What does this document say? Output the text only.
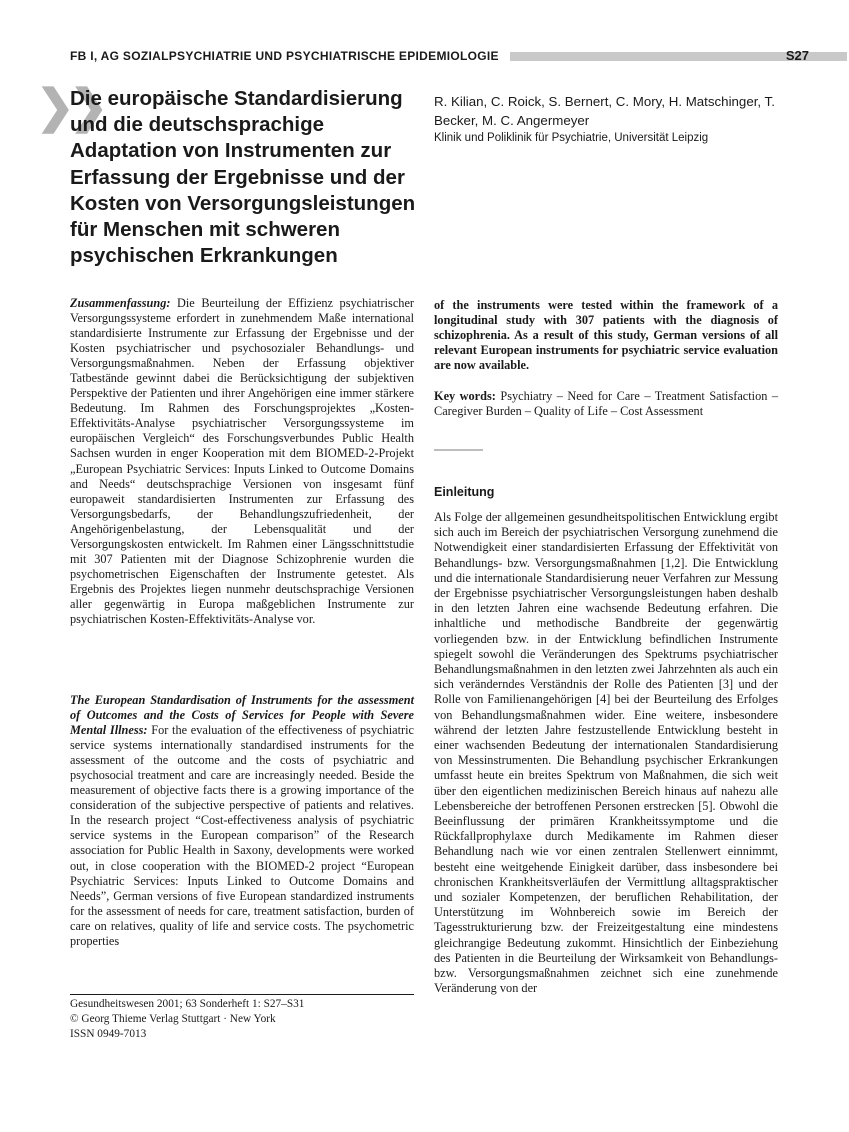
FB I, AG SOZIALPSYCHIATRIE UND PSYCHIATRISCHE EPIDEMIOLOGIE	S27
❯❯
Die europäische Standardisierung
und die deutschsprachige
Adaptation von Instrumenten zur
Erfassung der Ergebnisse und der
Kosten von Versorgungsleistungen
für Menschen mit schweren
psychischen Erkrankungen
R. Kilian, C. Roick, S. Bernert, C. Mory, H. Matschinger, T. Becker, M. C. Angermeyer
Klinik und Poliklinik für Psychiatrie, Universität Leipzig

Zusammenfassung: Die Beurteilung der Effizienz psychiatrischer Versorgungssysteme erfordert in zunehmendem Maße international standardisierte Instrumente zur Erfassung der Ergebnisse und der Kosten psychiatrischer und psychosozialer Behandlungs- und Versorgungsmaßnahmen. Neben der Erfassung objektiver Tatbestände gewinnt dabei die Berücksichtigung der subjektiven Perspektive der Patienten und ihrer Angehörigen eine immer stärkere Bedeutung. Im Rahmen des Forschungsprojektes „Kosten-Effektivitäts-Analyse psychiatrischer Versorgungssysteme im europäischen Vergleich“ des Forschungsverbundes Public Health Sachsen wurden in enger Kooperation mit dem BIOMED-2-Projekt „European Psychiatric Services: Inputs Linked to Outcome Domains and Needs“ deutschsprachige Versionen von insgesamt fünf europaweit standardisierten Instrumenten zur Erfassung des Versorgungsbedarfs, der Behandlungszufriedenheit, der Angehörigenbelastung, der Lebensqualität und der Versorgungskosten entwickelt. Im Rahmen einer Längsschnittstudie mit 307 Patienten mit der Diagnose Schizophrenie wurden die psychometrischen Eigenschaften der Instrumente getestet. Als Ergebnis des Projektes liegen nunmehr deutschsprachige Versionen aller gegenwärtig in Europa maßgeblichen Instrumente zur psychiatrischen Kosten-Effektivitäts-Analyse vor.

The European Standardisation of Instruments for the assessment of Outcomes and the Costs of Services for People with Severe Mental Illness: For the evaluation of the effectiveness of psychiatric service systems internationally standardised instruments for the assessment of the outcome and the costs of psychiatric and psychosocial treatment and care are increasingly needed. Beside the measurement of objective facts there is a growing importance of the consideration of the subjective perspective of patients and relatives. In the research project “Cost-effectiveness analysis of psychiatric service systems in the European comparison” of the Research association for Public Health in Saxony, developments were worked out, in close cooperation with the BIOMED-2 project “European Psychiatric Services: Inputs Linked to Outcome Domains and Needs”, German versions of five European standardized instruments for the assessment of needs for care, treatment satisfaction, burden of care on relatives, quality of life and service costs. The psychometric properties

of the instruments were tested within the framework of a longitudinal study with 307 patients with the diagnosis of schizophrenia. As a result of this study, German versions of all relevant European instruments for psychiatric service evaluation are now available.

Key words: Psychiatry – Need for Care – Treatment Satisfaction – Caregiver Burden – Quality of Life – Cost Assessment

Einleitung

Als Folge der allgemeinen gesundheitspolitischen Entwicklung ergibt sich auch im Bereich der psychiatrischen Versorgung zunehmend die Notwendigkeit einer standardisierten Erfassung der Effektivität von Behandlungs- bzw. Versorgungsmaßnahmen [1,2]. Die Entwicklung und die internationale Standardisierung neuer Verfahren zur Messung der Ergebnisse psychiatrischer Versorgungsleistungen haben deshalb in den letzten Jahren eine wachsende Bedeutung erfahren. Die inhaltliche und methodische Bandbreite der gegenwärtig vorliegenden bzw. in der Entwicklung befindlichen Instrumente spiegelt sowohl die Veränderungen des Spektrums psychiatrischer Behandlungsmaßnahmen in den letzten zwei Jahrzehnten als auch ein sich veränderndes Verständnis der Rolle des Patienten [3] und der Rolle von Familienangehörigen [4] bei der Beurteilung des Erfolges von Behandlungsmaßnahmen wider. Eine weitere, insbesondere während der letzten Jahre festzustellende Entwicklung besteht in einer wachsenden Bedeutung der internationalen Standardisierung von Messinstrumenten. Die Behandlung psychischer Erkrankungen umfasst heute ein breites Spektrum von Maßnahmen, die sich weit über den eigentlichen medizinischen Bereich hinaus auf nahezu alle Lebensbereiche der betroffenen Personen erstrecken [5]. Obwohl die Beeinflussung der primären Krankheitssymptome und die Rückfallprophylaxe durch Medikamente im Rahmen dieser Behandlung nach wie vor einen zentralen Stellenwert einnimmt, besteht eine weitgehende Einigkeit darüber, dass insbesondere bei chronischen Krankheitsverläufen der Vermittlung alltagspraktischer und sozialer Kompetenzen, der beruflichen Rehabilitation, der Unterstützung im Wohnbereich sowie im Bereich der Tagesstrukturierung bzw. der Freizeitgestaltung eine mindestens gleichrangige Bedeutung zukommt. Hinsichtlich der Einbeziehung des Patienten in die Beurteilung der Wirksamkeit von Behandlungs- bzw. Versorgungsmaßnahmen zeichnet sich eine zunehmende Veränderung von der

Gesundheitswesen 2001; 63 Sonderheft 1: S27–S31
© Georg Thieme Verlag Stuttgart · New York
ISSN 0949-7013
